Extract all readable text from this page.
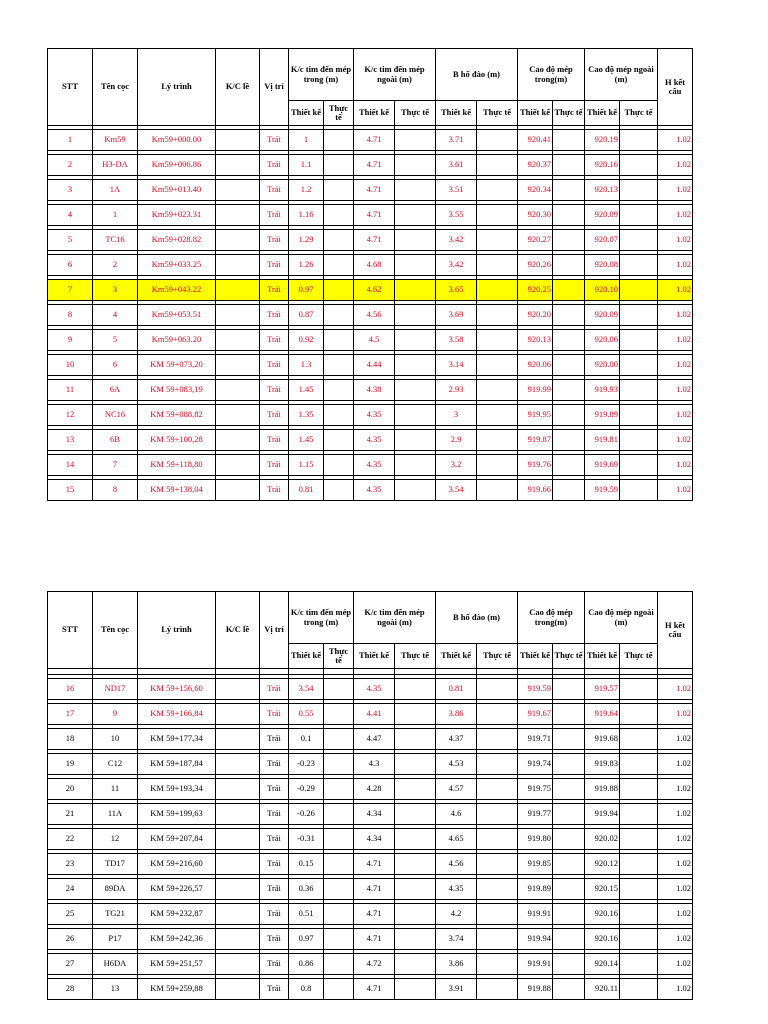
STT	Tên cọc	Lý trình	K/C lề	Vị trí	K/c tim đến mép trong (m)		K/c tim đến mép ngoài (m)		B hố đào (m)		Cao độ mép trong(m)		Cao độ mép ngoài (m)		H kết cấu
					Thiết kế	Thực tế	Thiết kế	Thực tế	Thiết kế	Thực tế	Thiết kế	Thực tế	Thiết kế	Thực tế	

1	Km59	Km59+000.00		Trái	1		4.71		3.71		920.41		920.19		1.02

2	H3-DA	Km59+006.86		Trái	1.1		4.71		3.61		920.37		920.16		1.02

3	1A	Km59+013.40		Trái	1.2		4.71		3.51		920.34		920.13		1.02

4	1	Km59+023.31		Trái	1.16		4.71		3.55		920.30		920.09		1.02

5	TC16	Km59+028.82		Trái	1.29		4.71		3.42		920.27		920.07		1.02

6	2	Km59+033.25		Trái	1.26		4.68		3.42		920.26		920.08		1.02

7	3	Km59+043.22		Trái	0.97		4.62		3.65		920.25		920.10		1.02

8	4	Km59+053.51		Trái	0.87		4.56		3.69		920.20		920.09		1.02

9	5	Km59+063.20		Trái	0.92		4.5		3.58		920.13		920.06		1.02

10	6	KM 59+073,20		Trái	1.3		4.44		3.14		920.06		920.00		1.02

11	6A	KM 59+083,19		Trái	1.45		4.38		2.93		919.99		919.93		1.02

12	NC16	KM 59+088,82		Trái	1.35		4.35		3		919.95		919.89		1.02

13	6B	KM 59+100,28		Trái	1.45		4.35		2.9		919.87		919.81		1.02

14	7	KM 59+118,80		Trái	1.15		4.35		3.2		919.76		919.69		1.02

15	8	KM 59+138,04		Trái	0.81		4.35		3.54		919.66		919.59		1.02
STT	Tên cọc	Lý trình	K/C lề	Vị trí	K/c tim đến mép trong (m)		K/c tim đến mép ngoài (m)		B hố đào (m)		Cao độ mép trong(m)		Cao độ mép ngoài (m)		H kết cấu
					Thiết kế	Thực tế	Thiết kế	Thực tế	Thiết kế	Thực tế	Thiết kế	Thực tế	Thiết kế	Thực tế	

16	ND17	KM 59+156,60		Trái	3.54		4.35		0.81		919.59		919.57		1.02

17	9	KM 59+166,84		Trái	0.55		4.41		3.86		919.67		919.64		1.02

18	10	KM 59+177,34		Trái	0.1		4.47		4.37		919.71		919.68		1.02

19	C12	KM 59+187,84		Trái	-0.23		4.3		4.53		919.74		919.83		1.02

20	11	KM 59+193,34		Trái	-0.29		4.28		4.57		919.75		919.88		1.02

21	11A	KM 59+199,63		Trái	-0.26		4.34		4.6		919.77		919.94		1.02

22	12	KM 59+207,84		Trái	-0.31		4.34		4.65		919.80		920.02		1.02

23	TD17	KM 59+216,60		Trái	0.15		4.71		4.56		919.85		920.12		1.02

24	89DA	KM 59+226,57		Trái	0.36		4.71		4.35		919.89		920.15		1.02

25	TG21	KM 59+232,87		Trái	0.51		4.71		4.2		919.91		920.16		1.02

26	P17	KM 59+242,36		Trái	0.97		4.71		3.74		919.94		920.16		1.02

27	H6DA	KM 59+251,57		Trái	0.86		4.72		3.86		919.91		920.14		1.02

28	13	KM 59+259,88		Trái	0.8		4.71		3.91		919.88		920.11		1.02
